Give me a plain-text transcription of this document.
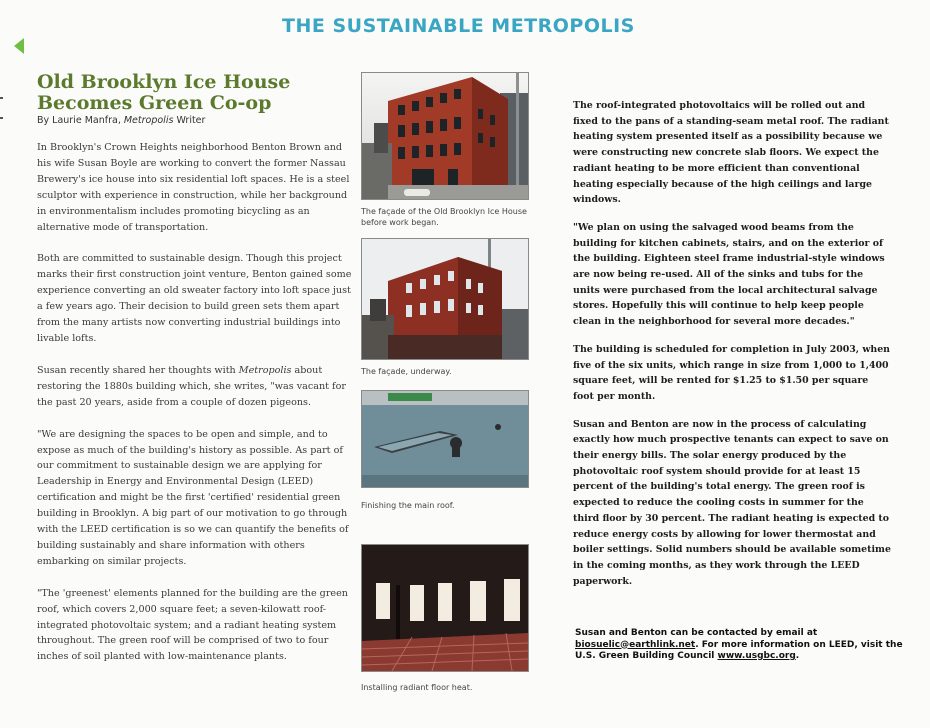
THE SUSTAINABLE METROPOLIS
Old Brooklyn Ice House
Becomes Green Co-op
By Laurie Manfra, Metropolis Writer

In Brooklyn's Crown Heights neighborhood Benton Brown and his wife Susan Boyle are working to convert the former Nassau Brewery's ice house into six residential loft spaces. He is a steel sculptor with experience in construction, while her background in environmentalism includes promoting bicycling as an alternative mode of transportation.

Both are committed to sustainable design. Though this project marks their first construction joint venture, Benton gained some experience converting an old sweater factory into loft space just a few years ago. Their decision to build green sets them apart from the many artists now converting industrial buildings into livable lofts.

Susan recently shared her thoughts with Metropolis about restoring the 1880s building which, she writes, "was vacant for the past 20 years, aside from a couple of dozen pigeons.

"We are designing the spaces to be open and simple, and to expose as much of the building's history as possible. As part of our commitment to sustainable design we are applying for Leadership in Energy and Environmental Design (LEED) certification and might be the first 'certified' residential green building in Brooklyn. A big part of our motivation to go through with the LEED certification is so we can quantify the benefits of building sustainably and share information with others embarking on similar projects.

"The 'greenest' elements planned for the building are the green roof, which covers 2,000 square feet; a seven-kilowatt roof-integrated photovoltaic system; and a radiant heating system throughout. The green roof will be comprised of two to four inches of soil planted with low-maintenance plants.

The façade of the Old Brooklyn Ice House before work began.
The façade, underway.
Finishing the main roof.
Installing radiant floor heat.

The roof-integrated photovoltaics will be rolled out and fixed to the pans of a standing-seam metal roof. The radiant heating system presented itself as a possibility because we were constructing new concrete slab floors. We expect the radiant heating to be more efficient than conventional heating especially because of the high ceilings and large windows.

"We plan on using the salvaged wood beams from the building for kitchen cabinets, stairs, and on the exterior of the building. Eighteen steel frame industrial-style windows are now being re-used. All of the sinks and tubs for the units were purchased from the local architectural salvage stores. Hopefully this will continue to help keep people clean in the neighborhood for several more decades."

The building is scheduled for completion in July 2003, when five of the six units, which range in size from 1,000 to 1,400 square feet, will be rented for $1.25 to $1.50 per square foot per month.

Susan and Benton are now in the process of calculating exactly how much prospective tenants can expect to save on their energy bills. The solar energy produced by the photovoltaic roof system should provide for at least 15 percent of the building's total energy. The green roof is expected to reduce the cooling costs in summer for the third floor by 30 percent. The radiant heating is expected to reduce energy costs by allowing for lower thermostat and boiler settings. Solid numbers should be available sometime in the coming months, as they work through the LEED paperwork.

Susan and Benton can be contacted by email at biosuelic@earthlink.net. For more information on LEED, visit the U.S. Green Building Council www.usgbc.org.
